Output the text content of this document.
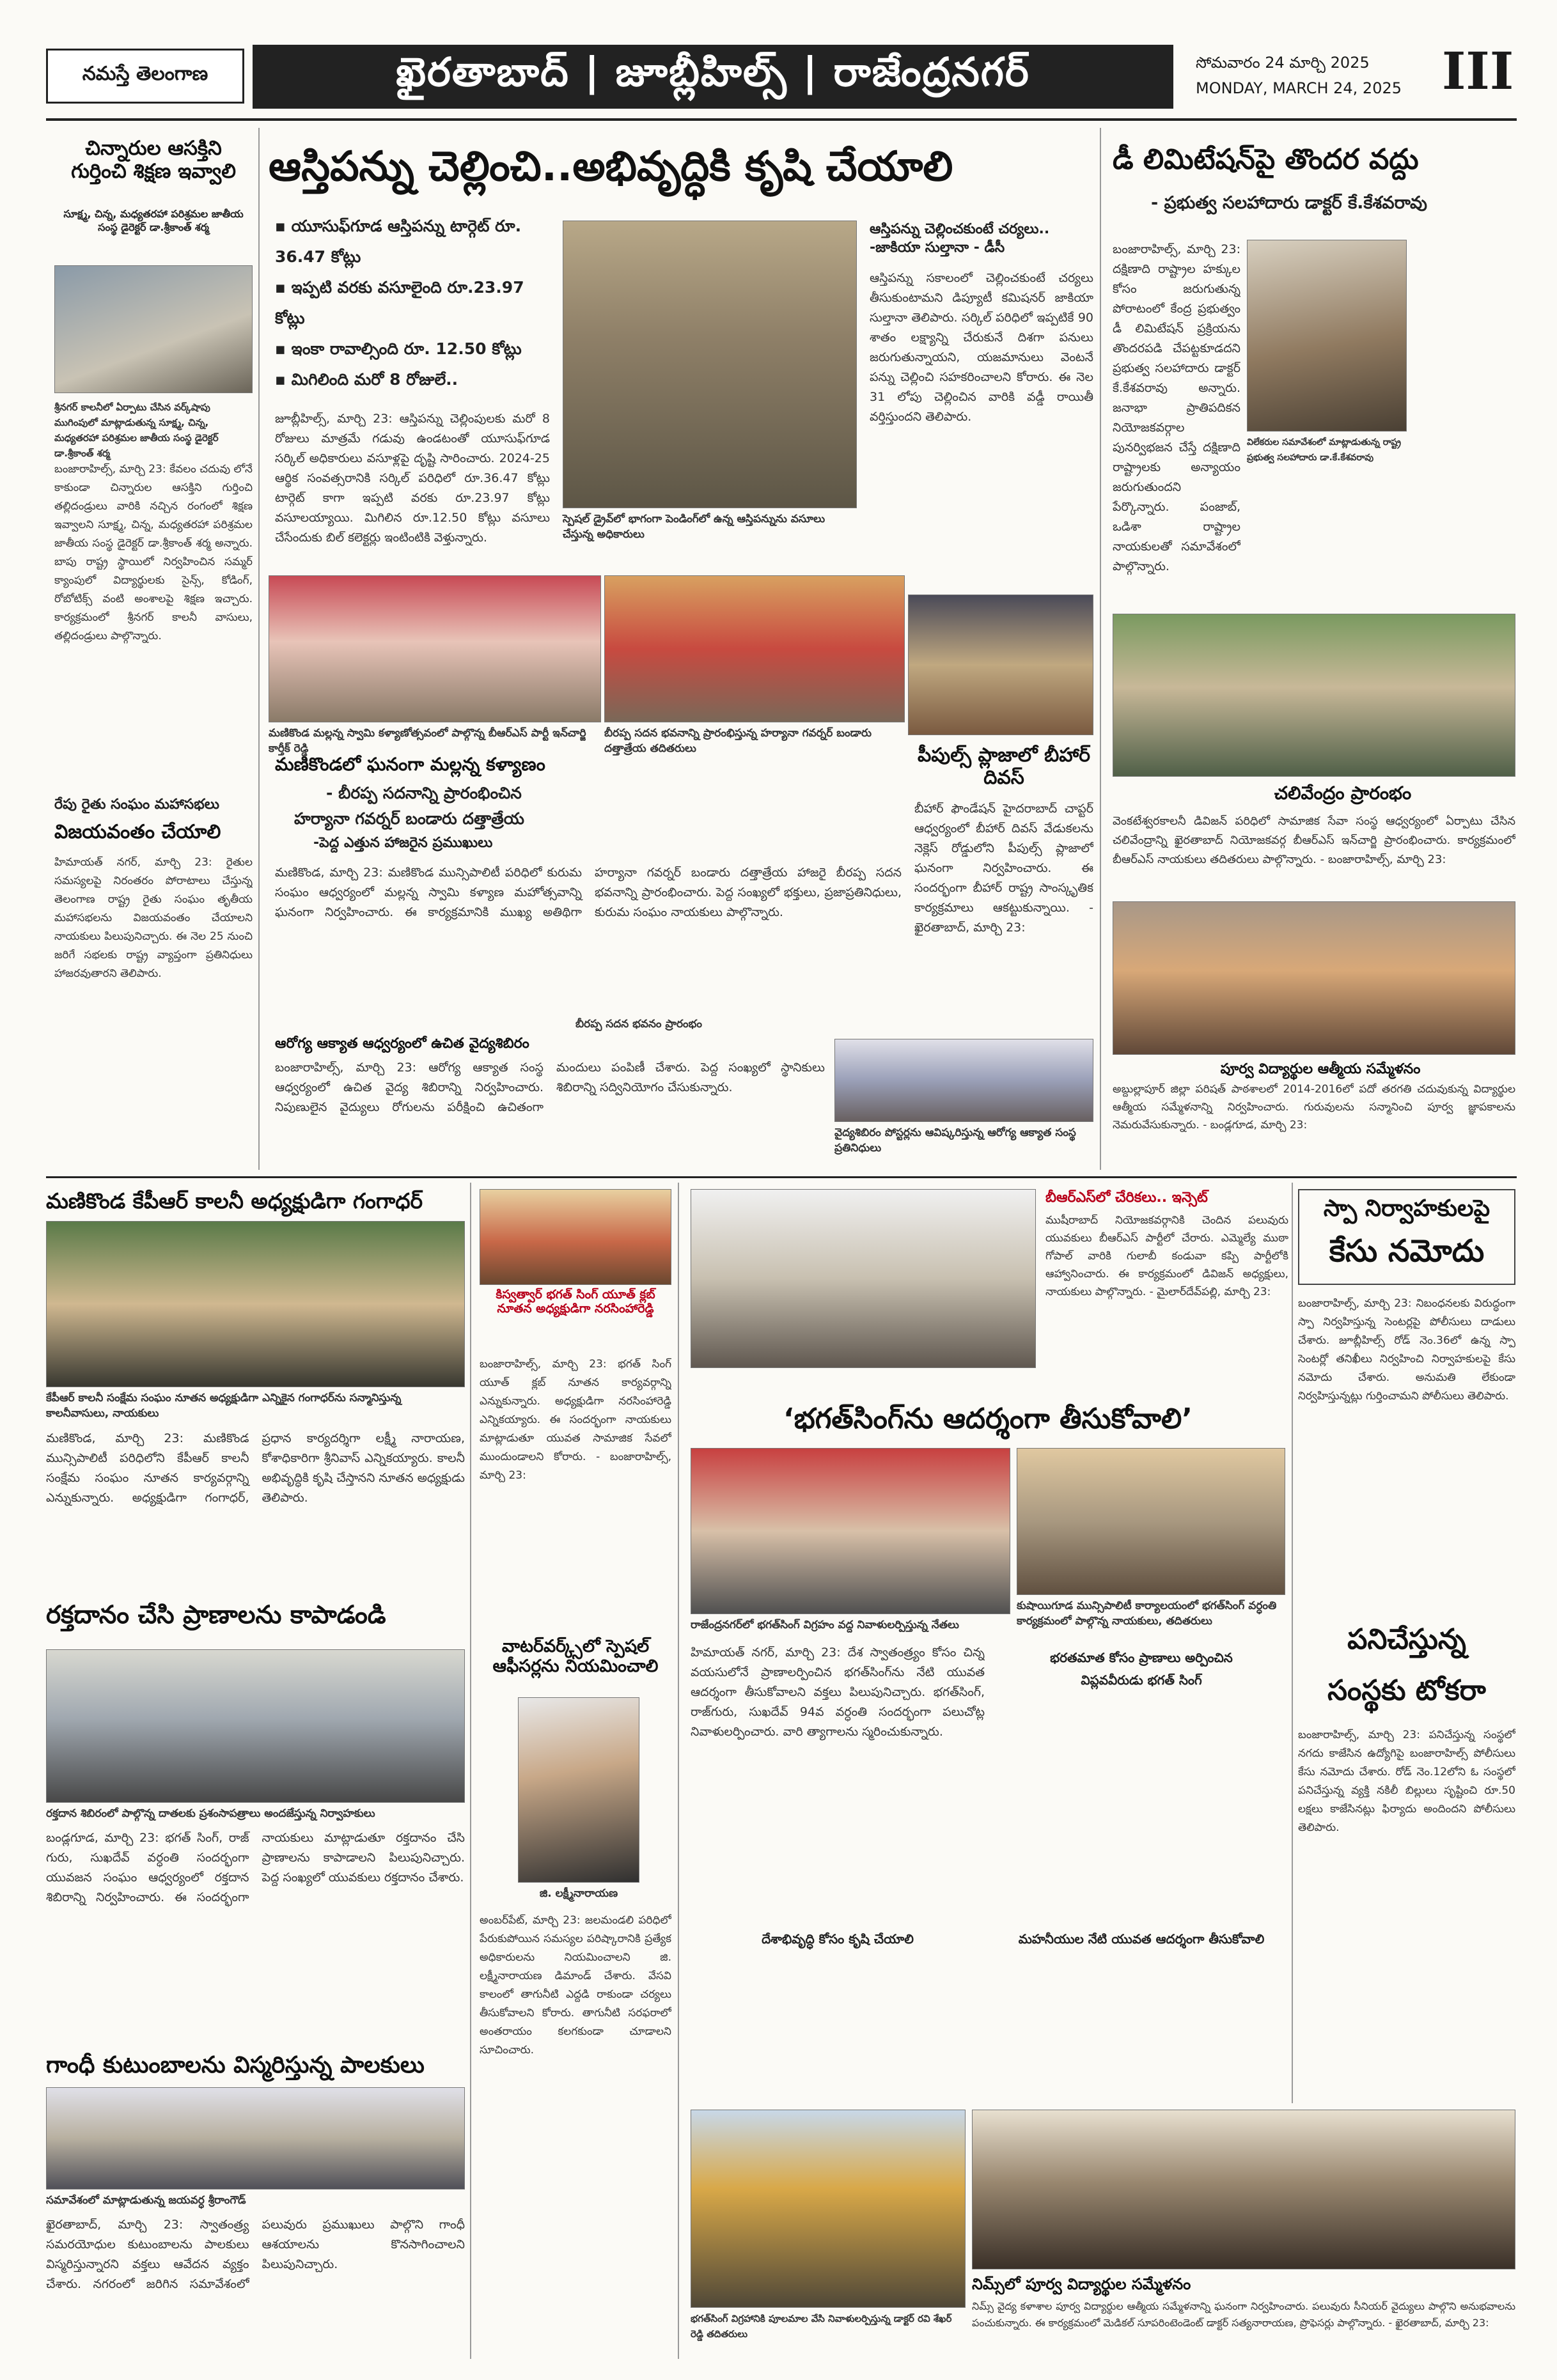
నమస్తే తెలంగాణ	ఖైరతాబాద్ | జూబ్లీహిల్స్ | రాజేంద్రనగర్	సోమవారం 24 మార్చి 2025
MONDAY, MARCH 24, 2025 III
చిన్నారుల ఆసక్తిని గుర్తించి శిక్షణ ఇవ్వాలి
సూక్ష్మ, చిన్న, మధ్యతరహా పరిశ్రమల జాతీయ సంస్థ డైరెక్టర్ డా.శ్రీకాంత్ శర్మ
శ్రీనగర్ కాలనీలో ఏర్పాటు చేసిన వర్క్‌షాపు ముగింపులో మాట్లాడుతున్న సూక్ష్మ, చిన్న, మధ్యతరహా పరిశ్రమల జాతీయ సంస్థ డైరెక్టర్ డా.శ్రీకాంత్ శర్మ
బంజారాహిల్స్, మార్చి 23: కేవలం చదువు లోనే కాకుండా చిన్నారుల ఆసక్తిని గుర్తించి తల్లిదండ్రులు వారికి నచ్చిన రంగంలో శిక్షణ ఇవ్వాలని సూక్ష్మ, చిన్న, మధ్యతరహా పరిశ్రమల జాతీయ సంస్థ డైరెక్టర్ డా.శ్రీకాంత్ శర్మ అన్నారు. బాపు రాష్ట్ర స్థాయిలో నిర్వహించిన సమ్మర్ క్యాంపులో విద్యార్థులకు సైన్స్, కోడింగ్, రోబోటిక్స్ వంటి అంశాలపై శిక్షణ ఇచ్చారు. కార్యక్రమంలో శ్రీనగర్ కాలనీ వాసులు, తల్లిదండ్రులు పాల్గొన్నారు.
రేపు రైతు సంఘం మహాసభలు
విజయవంతం చేయాలి
హిమాయత్ నగర్, మార్చి 23: రైతుల సమస్యలపై నిరంతరం పోరాటాలు చేస్తున్న తెలంగాణ రాష్ట్ర రైతు సంఘం తృతీయ మహాసభలను విజయవంతం చేయాలని నాయకులు పిలుపునిచ్చారు. ఈ నెల 25 నుంచి జరిగే సభలకు రాష్ట్ర వ్యాప్తంగా ప్రతినిధులు హాజరవుతారని తెలిపారు.
ఆస్తిపన్ను చెల్లించి..అభివృద్ధికి కృషి చేయాలి
▪ యూసుఫ్‌గూడ ఆస్తిపన్ను టార్గెట్ రూ. 36.47 కోట్లు
▪ ఇప్పటి వరకు వసూలైంది రూ.23.97 కోట్లు
▪ ఇంకా రావాల్సింది రూ. 12.50 కోట్లు
▪ మిగిలింది మరో 8 రోజులే..
జూబ్లీహిల్స్, మార్చి 23: ఆస్తిపన్ను చెల్లింపులకు మరో 8 రోజులు మాత్రమే గడువు ఉండటంతో యూసుఫ్‌గూడ సర్కిల్ అధికారులు వసూళ్లపై దృష్టి సారించారు. 2024-25 ఆర్థిక సంవత్సరానికి సర్కిల్ పరిధిలో రూ.36.47 కోట్లు టార్గెట్ కాగా ఇప్పటి వరకు రూ.23.97 కోట్లు వసూలయ్యాయి. మిగిలిన రూ.12.50 కోట్లు వసూలు చేసేందుకు బిల్ కలెక్టర్లు ఇంటింటికి వెళ్తున్నారు.
స్పెషల్ డ్రైవ్‌లో భాగంగా పెండింగ్‌లో ఉన్న ఆస్తిపన్నును వసూలు చేస్తున్న అధికారులు
ఆస్తిపన్ను చెల్లించకుంటే చర్యలు.. -జాకియా సుల్తానా - డీసీ
ఆస్తిపన్ను సకాలంలో చెల్లించకుంటే చర్యలు తీసుకుంటామని డిప్యూటీ కమిషనర్ జాకియా సుల్తానా తెలిపారు. సర్కిల్ పరిధిలో ఇప్పటికే 90 శాతం లక్ష్యాన్ని చేరుకునే దిశగా పనులు జరుగుతున్నాయని, యజమానులు వెంటనే పన్ను చెల్లించి సహకరించాలని కోరారు. ఈ నెల 31 లోపు చెల్లించిన వారికి వడ్డీ రాయితీ వర్తిస్తుందని తెలిపారు.
డీ లిమిటేషన్‌పై తొందర వద్దు
- ప్రభుత్వ సలహాదారు డాక్టర్ కే.కేశవరావు
విలేకరుల సమావేశంలో మాట్లాడుతున్న రాష్ట్ర ప్రభుత్వ సలహాదారు డా.కే.కేశవరావు
బంజారాహిల్స్, మార్చి 23: దక్షిణాది రాష్ట్రాల హక్కుల కోసం జరుగుతున్న పోరాటంలో కేంద్ర ప్రభుత్వం డీ లిమిటేషన్ ప్రక్రియను తొందరపడి చేపట్టకూడదని ప్రభుత్వ సలహాదారు డాక్టర్ కే.కేశవరావు అన్నారు. జనాభా ప్రాతిపదికన నియోజకవర్గాల పునర్విభజన చేస్తే దక్షిణాది రాష్ట్రాలకు అన్యాయం జరుగుతుందని పేర్కొన్నారు. పంజాబ్, ఒడిశా రాష్ట్రాల నాయకులతో సమావేశంలో పాల్గొన్నారు.
మణికొండ మల్లన్న స్వామి కళ్యాణోత్సవంలో పాల్గొన్న బీఆర్ఎస్ పార్టీ ఇన్‌చార్జి కార్తీక్ రెడ్డి
బీరప్ప సదన భవనాన్ని ప్రారంభిస్తున్న హర్యానా గవర్నర్ బండారు దత్తాత్రేయ తదితరులు
మణికొండలో ఘనంగా మల్లన్న కళ్యాణం
- బీరప్ప సదనాన్ని ప్రారంభించిన
హర్యానా గవర్నర్ బండారు దత్తాత్రేయ
-పెద్ద ఎత్తున హాజరైన ప్రముఖులు
మణికొండ, మార్చి 23: మణికొండ మున్సిపాలిటీ పరిధిలో కురుమ సంఘం ఆధ్వర్యంలో మల్లన్న స్వామి కళ్యాణ మహోత్సవాన్ని ఘనంగా నిర్వహించారు. ఈ కార్యక్రమానికి ముఖ్య అతిథిగా హర్యానా గవర్నర్ బండారు దత్తాత్రేయ హాజరై బీరప్ప సదన భవనాన్ని ప్రారంభించారు. పెద్ద సంఖ్యలో భక్తులు, ప్రజాప్రతినిధులు, కురుమ సంఘం నాయకులు పాల్గొన్నారు.
బీరప్ప సదన భవనం ప్రారంభం
పీపుల్స్ ప్లాజాలో బీహార్ దివస్
బీహార్ ఫౌండేషన్ హైదరాబాద్ చాప్టర్ ఆధ్వర్యంలో బీహార్ దివస్ వేడుకలను నెక్లెస్ రోడ్డులోని పీపుల్స్ ప్లాజాలో ఘనంగా నిర్వహించారు. ఈ సందర్భంగా బీహార్ రాష్ట్ర సాంస్కృతిక కార్యక్రమాలు ఆకట్టుకున్నాయి. - ఖైరతాబాద్, మార్చి 23:
ఆరోగ్య ఆక్యాత ఆధ్వర్యంలో ఉచిత వైద్యశిబిరం
బంజారాహిల్స్, మార్చి 23: ఆరోగ్య ఆక్యాత సంస్థ ఆధ్వర్యంలో ఉచిత వైద్య శిబిరాన్ని నిర్వహించారు. నిపుణులైన వైద్యులు రోగులను పరీక్షించి ఉచితంగా మందులు పంపిణీ చేశారు. పెద్ద సంఖ్యలో స్థానికులు శిబిరాన్ని సద్వినియోగం చేసుకున్నారు.
వైద్యశిబిరం పోస్టర్లను ఆవిష్కరిస్తున్న ఆరోగ్య ఆక్యాత సంస్థ ప్రతినిధులు
చలివేంద్రం ప్రారంభం
వెంకటేశ్వరకాలనీ డివిజన్ పరిధిలో సామాజిక సేవా సంస్థ ఆధ్వర్యంలో ఏర్పాటు చేసిన చలివేంద్రాన్ని ఖైరతాబాద్ నియోజకవర్గ బీఆర్ఎస్ ఇన్‌చార్జి ప్రారంభించారు. కార్యక్రమంలో బీఆర్ఎస్ నాయకులు తదితరులు పాల్గొన్నారు. - బంజారాహిల్స్, మార్చి 23:
పూర్వ విద్యార్థుల ఆత్మీయ సమ్మేళనం
అబ్దుల్లాపూర్ జిల్లా పరిషత్ పాఠశాలలో 2014-2016లో పదో తరగతి చదువుకున్న విద్యార్థుల ఆత్మీయ సమ్మేళనాన్ని నిర్వహించారు. గురువులను సన్మానించి పూర్వ జ్ఞాపకాలను నెమరువేసుకున్నారు. - బండ్లగూడ, మార్చి 23:
మణికొండ కేపీఆర్ కాలనీ అధ్యక్షుడిగా గంగాధర్
కేపీఆర్ కాలనీ సంక్షేమ సంఘం నూతన అధ్యక్షుడిగా ఎన్నికైన గంగాధర్‌ను సన్మానిస్తున్న కాలనీవాసులు, నాయకులు
మణికొండ, మార్చి 23: మణికొండ మున్సిపాలిటీ పరిధిలోని కేపీఆర్ కాలనీ సంక్షేమ సంఘం నూతన కార్యవర్గాన్ని ఎన్నుకున్నారు. అధ్యక్షుడిగా గంగాధర్, ప్రధాన కార్యదర్శిగా లక్ష్మీ నారాయణ, కోశాధికారిగా శ్రీనివాస్ ఎన్నికయ్యారు. కాలనీ అభివృద్ధికి కృషి చేస్తానని నూతన అధ్యక్షుడు తెలిపారు.
రక్తదానం చేసి ప్రాణాలను కాపాడండి
రక్తదాన శిబిరంలో పాల్గొన్న దాతలకు ప్రశంసాపత్రాలు అందజేస్తున్న నిర్వాహకులు
బండ్లగూడ, మార్చి 23: భగత్ సింగ్, రాజ్ గురు, సుఖదేవ్ వర్ధంతి సందర్భంగా యువజన సంఘం ఆధ్వర్యంలో రక్తదాన శిబిరాన్ని నిర్వహించారు. ఈ సందర్భంగా నాయకులు మాట్లాడుతూ రక్తదానం చేసి ప్రాణాలను కాపాడాలని పిలుపునిచ్చారు. పెద్ద సంఖ్యలో యువకులు రక్తదానం చేశారు.
గాంధీ కుటుంబాలను విస్మరిస్తున్న పాలకులు
సమావేశంలో మాట్లాడుతున్న జయవర్ధ శ్రీరాంగౌడ్
ఖైరతాబాద్, మార్చి 23: స్వాతంత్ర్య సమరయోధుల కుటుంబాలను పాలకులు విస్మరిస్తున్నారని వక్తలు ఆవేదన వ్యక్తం చేశారు. నగరంలో జరిగిన సమావేశంలో పలువురు ప్రముఖులు పాల్గొని గాంధీ ఆశయాలను కొనసాగించాలని పిలుపునిచ్చారు.
కిస్వత్వార్ భగత్ సింగ్ యూత్ క్లబ్ నూతన అధ్యక్షుడిగా నరసింహారెడ్డి
బంజారాహిల్స్, మార్చి 23: భగత్ సింగ్ యూత్ క్లబ్ నూతన కార్యవర్గాన్ని ఎన్నుకున్నారు. అధ్యక్షుడిగా నరసింహారెడ్డి ఎన్నికయ్యారు. ఈ సందర్భంగా నాయకులు మాట్లాడుతూ యువత సామాజిక సేవలో ముందుండాలని కోరారు. - బంజారాహిల్స్, మార్చి 23:
వాటర్‌వర్క్స్‌లో స్పెషల్ ఆఫీసర్లను నియమించాలి
జి. లక్ష్మీనారాయణ
అంబర్‌పేట్, మార్చి 23: జలమండలి పరిధిలో పేరుకుపోయిన సమస్యల పరిష్కారానికి ప్రత్యేక అధికారులను నియమించాలని జి. లక్ష్మీనారాయణ డిమాండ్ చేశారు. వేసవి కాలంలో తాగునీటి ఎద్దడి రాకుండా చర్యలు తీసుకోవాలని కోరారు. తాగునీటి సరఫరాలో అంతరాయం కలగకుండా చూడాలని సూచించారు.
బీఆర్ఎస్‌లో చేరికలు.. ఇన్సెట్
ముషీరాబాద్ నియోజకవర్గానికి చెందిన పలువురు యువకులు బీఆర్ఎస్ పార్టీలో చేరారు. ఎమ్మెల్యే ముఠా గోపాల్ వారికి గులాబీ కండువా కప్పి పార్టీలోకి ఆహ్వానించారు. ఈ కార్యక్రమంలో డివిజన్ అధ్యక్షులు, నాయకులు పాల్గొన్నారు. - మైలార్‌దేవ్‌పల్లి, మార్చి 23:
‘భగత్‌సింగ్‌ను ఆదర్శంగా తీసుకోవాలి’
రాజేంద్రనగర్‌లో భగత్‌సింగ్ విగ్రహం వద్ద నివాళులర్పిస్తున్న నేతలు
కుషాయిగూడ మున్సిపాలిటీ కార్యాలయంలో భగత్‌సింగ్ వర్ధంతి కార్యక్రమంలో పాల్గొన్న నాయకులు, తదితరులు
హిమాయత్ నగర్, మార్చి 23: దేశ స్వాతంత్ర్యం కోసం చిన్న వయసులోనే ప్రాణాలర్పించిన భగత్‌సింగ్‌ను నేటి యువత ఆదర్శంగా తీసుకోవాలని వక్తలు పిలుపునిచ్చారు. భగత్‌సింగ్, రాజ్‌గురు, సుఖదేవ్ 94వ వర్ధంతి సందర్భంగా పలుచోట్ల నివాళులర్పించారు. వారి త్యాగాలను స్మరించుకున్నారు.
భరతమాత కోసం ప్రాణాలు అర్పించిన
విప్లవవీరుడు భగత్ సింగ్
దేశాభివృద్ధి కోసం కృషి చేయాలి	మహనీయుల నేటి యువత ఆదర్శంగా తీసుకోవాలి
భగత్‌సింగ్ విగ్రహానికి పూలమాల వేసి నివాళులర్పిస్తున్న డాక్టర్ రవి శేఖర్ రెడ్డి తదితరులు
నిమ్స్‌లో పూర్వ విద్యార్థుల సమ్మేళనం
నిమ్స్ వైద్య కళాశాల పూర్వ విద్యార్థుల ఆత్మీయ సమ్మేళనాన్ని ఘనంగా నిర్వహించారు. పలువురు సీనియర్ వైద్యులు పాల్గొని అనుభవాలను పంచుకున్నారు. ఈ కార్యక్రమంలో మెడికల్ సూపరింటెండెంట్ డాక్టర్ సత్యనారాయణ, ప్రొఫెసర్లు పాల్గొన్నారు. - ఖైరతాబాద్, మార్చి 23:
స్పా నిర్వాహకులపై
కేసు నమోదు
బంజారాహిల్స్, మార్చి 23: నిబంధనలకు విరుద్ధంగా స్పా నిర్వహిస్తున్న సెంటర్లపై పోలీసులు దాడులు చేశారు. జూబ్లీహిల్స్ రోడ్ నెం.36లో ఉన్న స్పా సెంటర్లో తనిఖీలు నిర్వహించి నిర్వాహకులపై కేసు నమోదు చేశారు. అనుమతి లేకుండా నిర్వహిస్తున్నట్లు గుర్తించామని పోలీసులు తెలిపారు.
పనిచేస్తున్న
సంస్థకు టోకరా
బంజారాహిల్స్, మార్చి 23: పనిచేస్తున్న సంస్థలో నగదు కాజేసిన ఉద్యోగిపై బంజారాహిల్స్ పోలీసులు కేసు నమోదు చేశారు. రోడ్ నెం.12లోని ఓ సంస్థలో పనిచేస్తున్న వ్యక్తి నకిలీ బిల్లులు సృష్టించి రూ.50 లక్షలు కాజేసినట్లు ఫిర్యాదు అందిందని పోలీసులు తెలిపారు.
